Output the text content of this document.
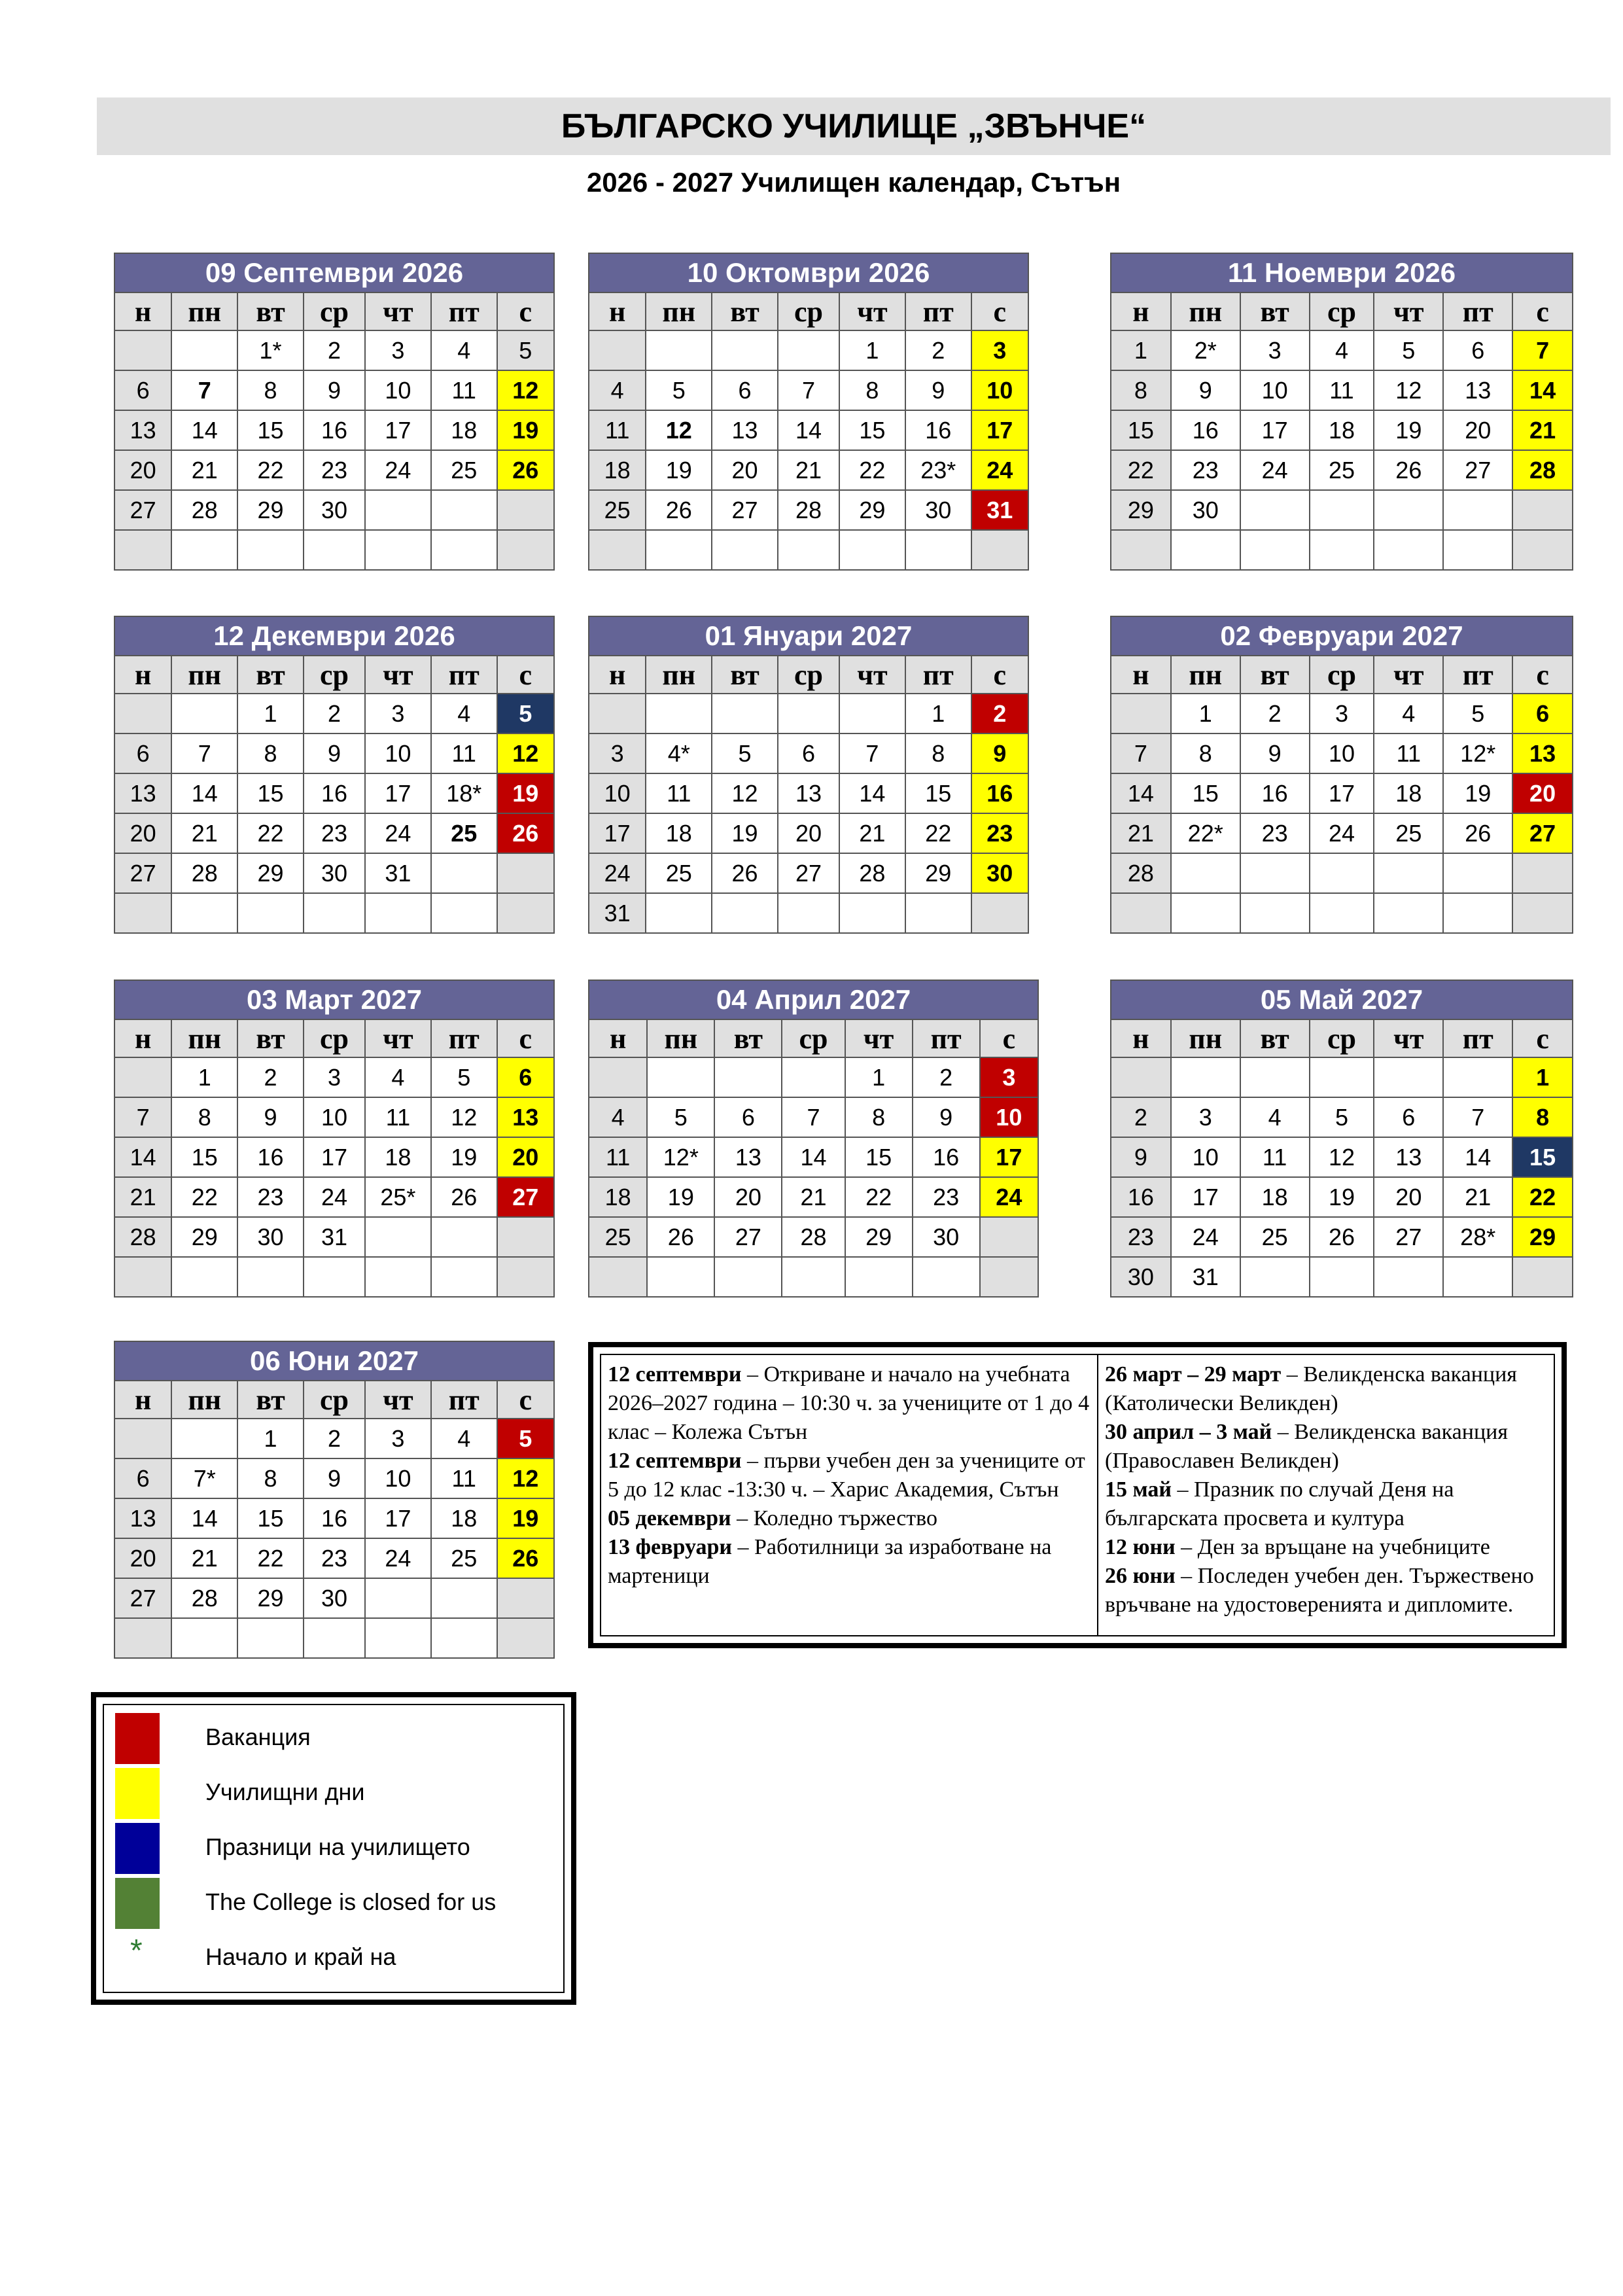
БЪЛГАРСКО УЧИЛИЩЕ „ЗВЪНЧЕ“
2026 - 2027 Училищен календар, Сътън
09 Септември 2026						
н	пн	вт	ср	чт	пт	с
		1*	2	3	4	5
6	7	8	9	10	11	12
13	14	15	16	17	18	19
20	21	22	23	24	25	26
27	28	29	30			

10 Октомври 2026						
н	пн	вт	ср	чт	пт	с
				1	2	3
4	5	6	7	8	9	10
11	12	13	14	15	16	17
18	19	20	21	22	23*	24
25	26	27	28	29	30	31

11 Ноември 2026						
н	пн	вт	ср	чт	пт	с
1	2*	3	4	5	6	7
8	9	10	11	12	13	14
15	16	17	18	19	20	21
22	23	24	25	26	27	28
29	30					

12 Декември 2026						
н	пн	вт	ср	чт	пт	с
		1	2	3	4	5
6	7	8	9	10	11	12
13	14	15	16	17	18*	19
20	21	22	23	24	25	26
27	28	29	30	31		

01 Януари 2027						
н	пн	вт	ср	чт	пт	с
					1	2
3	4*	5	6	7	8	9
10	11	12	13	14	15	16
17	18	19	20	21	22	23
24	25	26	27	28	29	30
31						
02 Февруари 2027						
н	пн	вт	ср	чт	пт	с
	1	2	3	4	5	6
7	8	9	10	11	12*	13
14	15	16	17	18	19	20
21	22*	23	24	25	26	27
28						

03 Март 2027						
н	пн	вт	ср	чт	пт	с
	1	2	3	4	5	6
7	8	9	10	11	12	13
14	15	16	17	18	19	20
21	22	23	24	25*	26	27
28	29	30	31			

04 Април 2027						
н	пн	вт	ср	чт	пт	с
				1	2	3
4	5	6	7	8	9	10
11	12*	13	14	15	16	17
18	19	20	21	22	23	24
25	26	27	28	29	30	

05 Май 2027						
н	пн	вт	ср	чт	пт	с
						1
2	3	4	5	6	7	8
9	10	11	12	13	14	15
16	17	18	19	20	21	22
23	24	25	26	27	28*	29
30	31					
06 Юни 2027						
н	пн	вт	ср	чт	пт	с
		1	2	3	4	5
6	7*	8	9	10	11	12
13	14	15	16	17	18	19
20	21	22	23	24	25	26
27	28	29	30			

12 септември – Откриване и начало на учебната 2026–2027 година – 10:30 ч. за учениците от 1 до 4 клас – Колежа Сътън
12 септември – първи учебен ден за учениците от 5 до 12 клас -13:30 ч. – Харис Академия, Сътън
05 декември – Коледно тържество
13 февруари – Работилници за изработване на мартеници
26 март – 29 март – Великденска ваканция (Католически Великден)
30 април – 3 май – Великденска ваканция (Православен Великден)
15 май – Празник по случай Деня на българската просвета и култура
12 юни – Ден за връщане на учебниците
26 юни – Последен учебен ден. Тържествено връчване на удостоверенията и дипломите.
Ваканция
Училищни дни
Празници на училището
The College is closed for us
*	Начало и край на
